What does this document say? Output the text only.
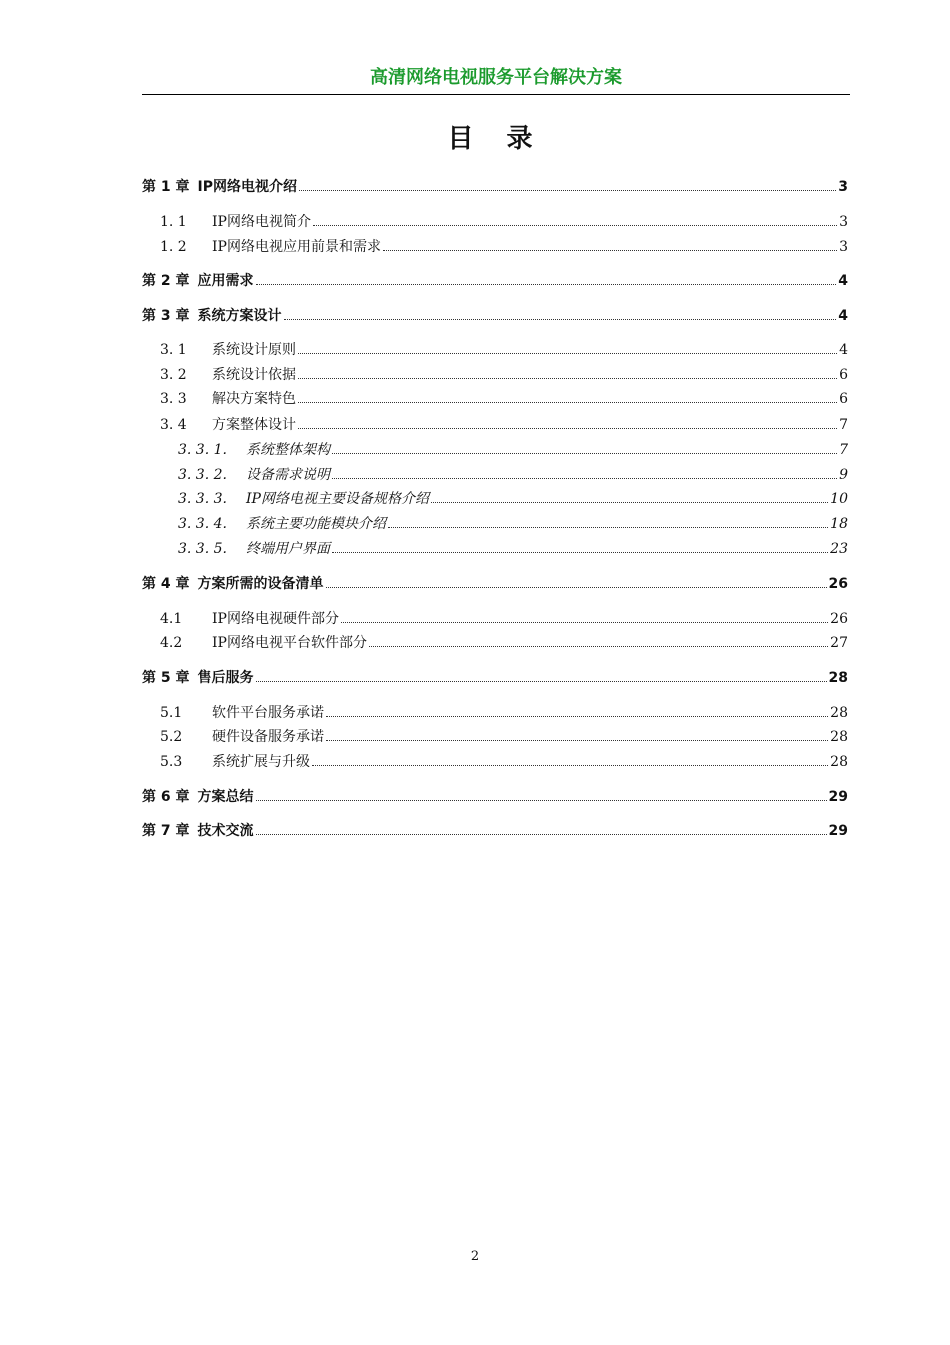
高清网络电视服务平台解决方案
目 录
第 1 章 IP网络电视介绍	3
1. 1	IP网络电视简介	3
1. 2	IP网络电视应用前景和需求	3
第 2 章 应用需求	4
第 3 章 系统方案设计	4
3. 1	系统设计原则	4
3. 2	系统设计依据	6
3. 3	解决方案特色	6
3. 4	方案整体设计	7
3. 3. 1.	系统整体架构	7
3. 3. 2.	设备需求说明	9
3. 3. 3.	IP网络电视主要设备规格介绍	10
3. 3. 4.	系统主要功能模块介绍	18
3. 3. 5.	终端用户界面	23
第 4 章 方案所需的设备清单	26
4.1	IP网络电视硬件部分	26
4.2	IP网络电视平台软件部分	27
第 5 章 售后服务	28
5.1	软件平台服务承诺	28
5.2	硬件设备服务承诺	28
5.3	系统扩展与升级	28
第 6 章 方案总结	29
第 7 章 技术交流	29
2
